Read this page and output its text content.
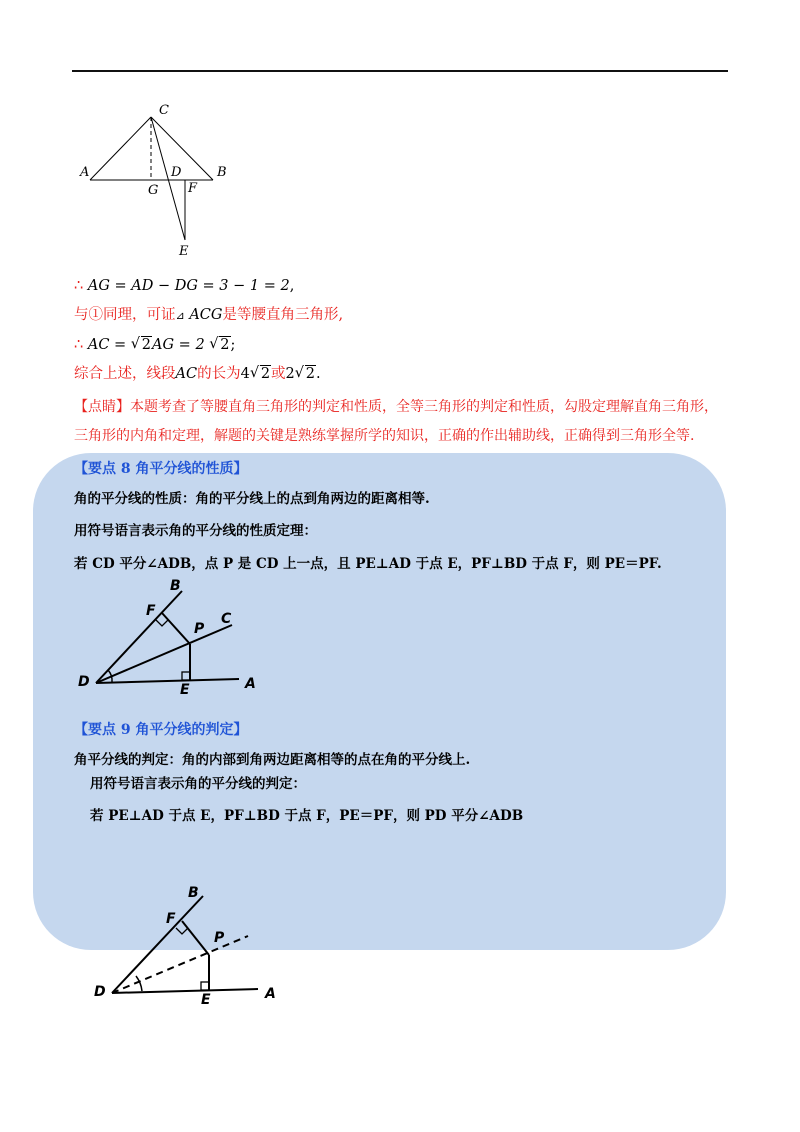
C
A	B
D
G F
E
∴ AG = AD − DG = 3 − 1 = 2,
与①同理，可证⊿ ACG是等腰直角三角形,
∴ AC = √ 2AG = 2 √ 2;
综合上述，线段AC的长为4 √ 2或2 √ 2.
【点睛】本题考查了等腰直角三角形的判定和性质，全等三角形的判定和性质，勾股定理解直角三角形，
三角形的内角和定理，解题的关键是熟练掌握所学的知识，正确的作出辅助线，正确得到三角形全等.
【要点 8 角平分线的性质】
角的平分线的性质：角的平分线上的点到角两边的距离相等.
用符号语言表示角的平分线的性质定理：
若 CD 平分∠ADB，点 P 是 CD 上一点，且 PE⊥AD 于点 E，PF⊥BD 于点 F，则 PE＝PF.
B
F
P
C
D	E	A
【要点 9 角平分线的判定】
角平分线的判定：角的内部到角两边距离相等的点在角的平分线上.
用符号语言表示角的平分线的判定：
若 PE⊥AD 于点 E，PF⊥BD 于点 F，PE＝PF，则 PD 平分∠ADB
B
F
P
D	E	A
